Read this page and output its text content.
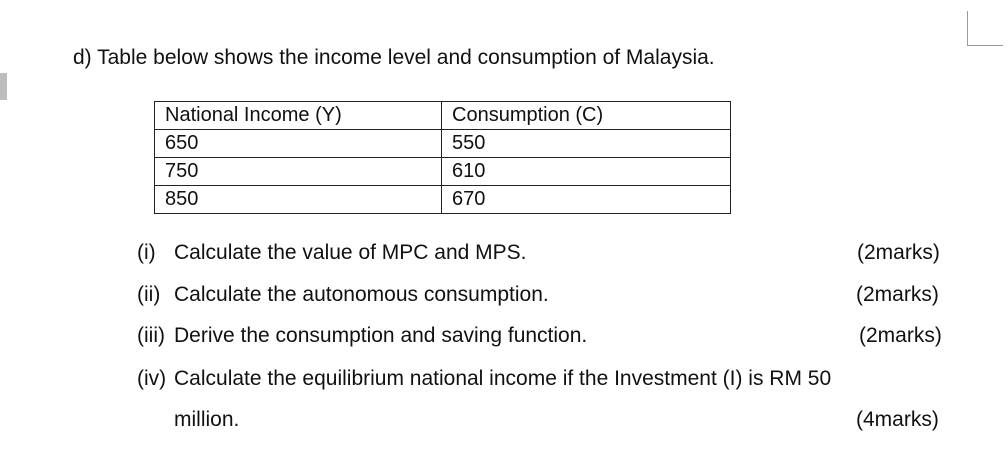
d) Table below shows the income level and consumption of Malaysia.
National Income (Y)	Consumption (C)
650	550
750	610
850	670
(i) Calculate the value of MPC and MPS.	(2marks)
(ii) Calculate the autonomous consumption.	(2marks)
(iii) Derive the consumption and saving function.	(2marks)
(iv) Calculate the equilibrium national income if the Investment (I) is RM 50
million.	(4marks)
